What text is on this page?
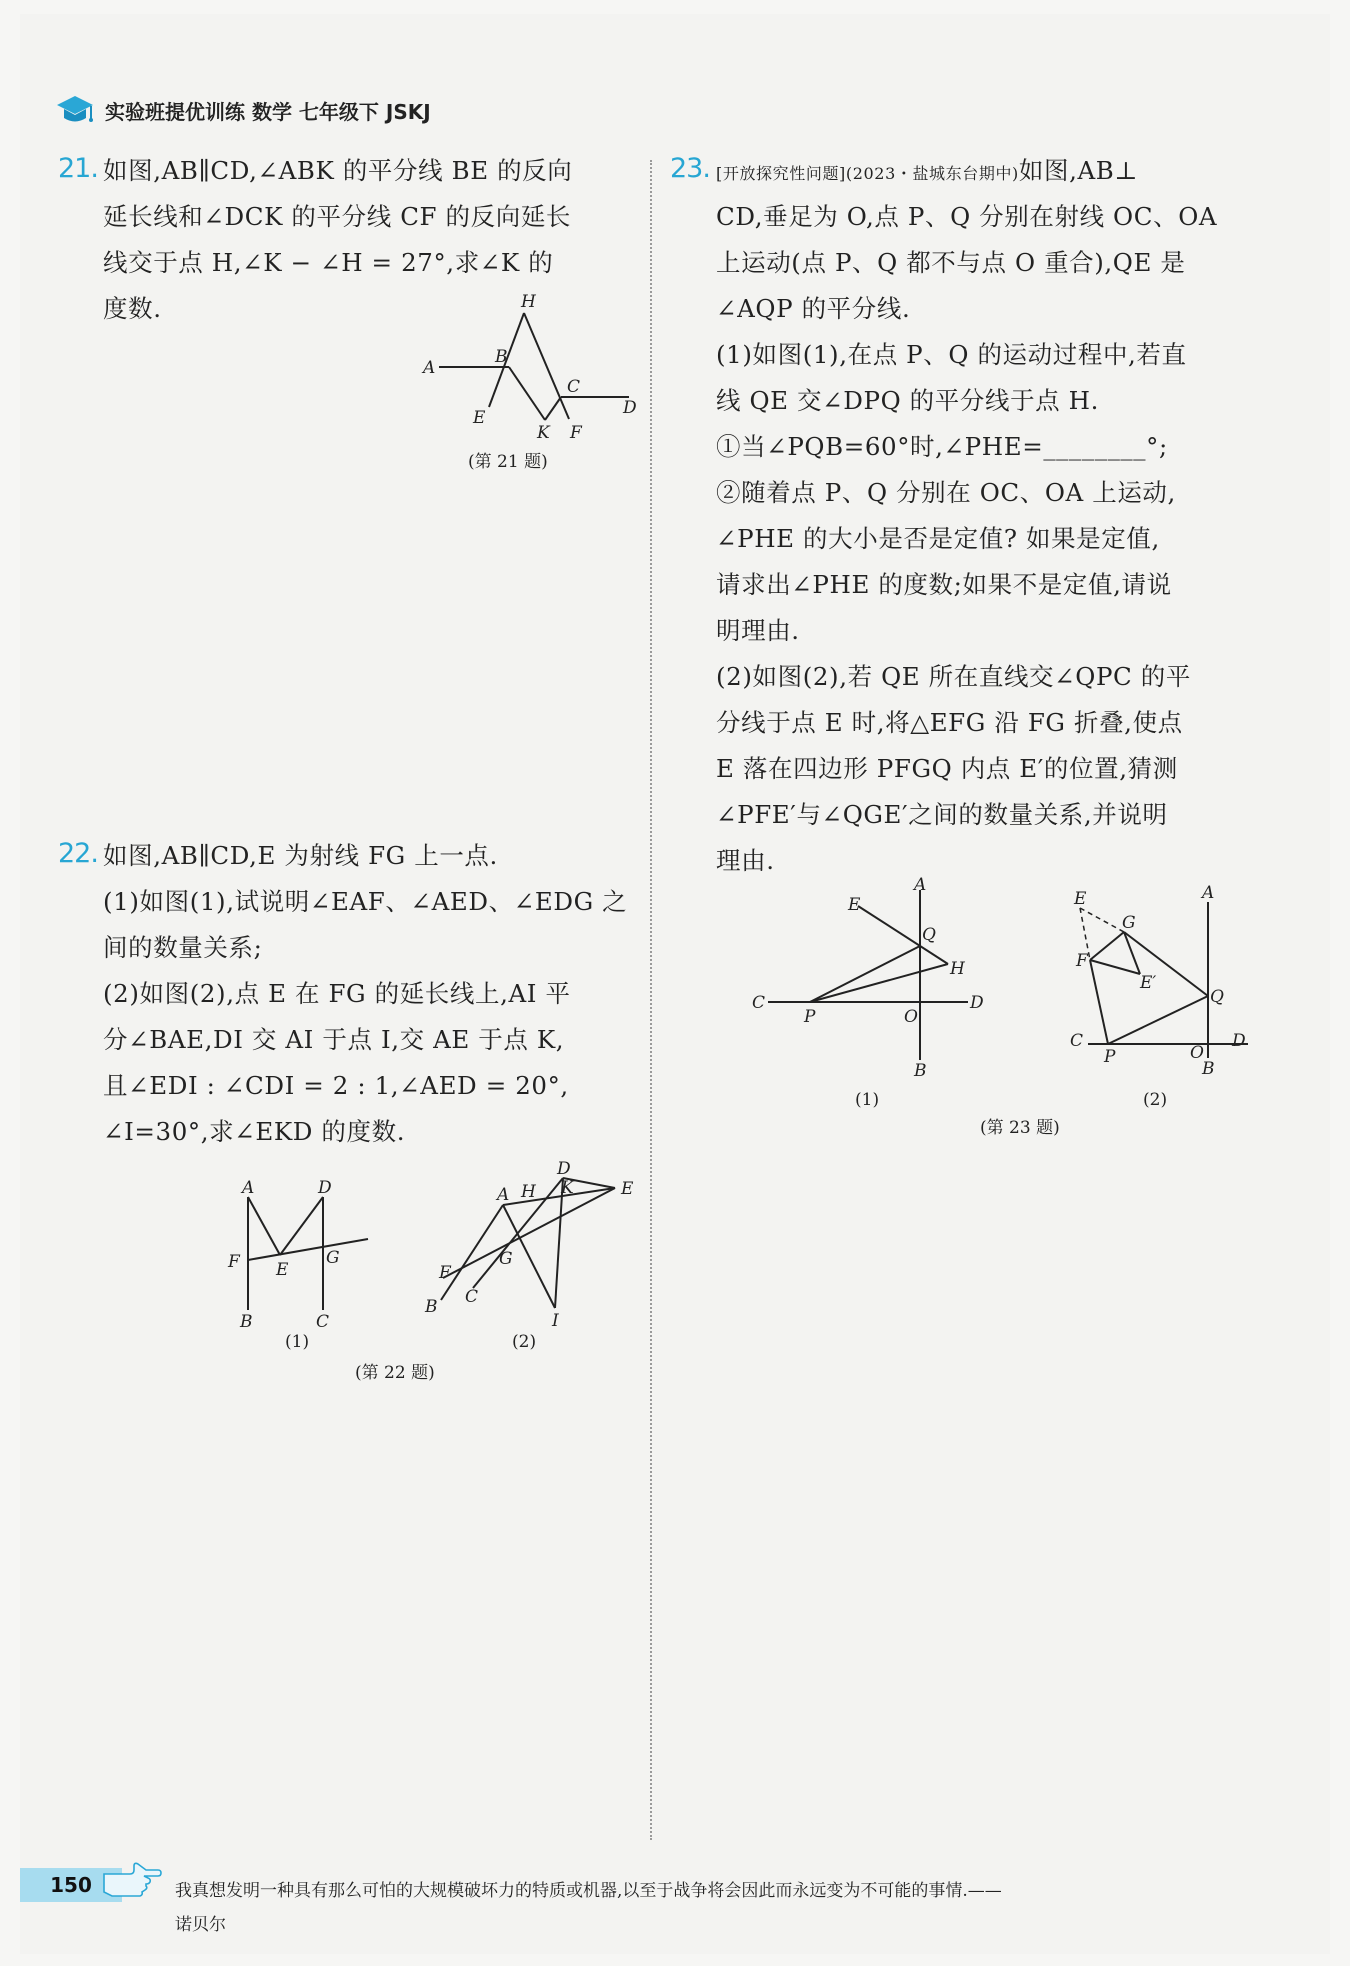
实验班提优训练 数学 七年级下 JSKJ
21. 如图,AB∥CD,∠ABK 的平分线 BE 的反向
延长线和∠DCK 的平分线 CF 的反向延长
线交于点 H,∠K − ∠H = 27°,求∠K 的
度数.	H
A
B
C
D
E
K F
(第 21 题)
22. 如图,AB∥CD,E 为射线 FG 上一点.
(1)如图(1),试说明∠EAF、∠AED、∠EDG 之
间的数量关系;
(2)如图(2),点 E 在 FG 的延长线上,AI 平
分∠BAE,DI 交 AI 于点 I,交 AE 于点 K,
且∠EDI : ∠CDI = 2 : 1,∠AED = 20°,
∠I=30°,求∠EKD 的度数.
A	D
F E
G
B	C
(1)
D
A H K	E
F
G
C
B
I
(2)
(第 22 题)
23. [开放探究性问题](2023・盐城东台期中)如图,AB⊥
CD,垂足为 O,点 P、Q 分别在射线 OC、OA
上运动(点 P、Q 都不与点 O 重合),QE 是
∠AQP 的平分线.
(1)如图(1),在点 P、Q 的运动过程中,若直
线 QE 交∠DPQ 的平分线于点 H.
①当∠PQB=60°时,∠PHE=________°;
②随着点 P、Q 分别在 OC、OA 上运动,
∠PHE 的大小是否是定值? 如果是定值,
请求出∠PHE 的度数;如果不是定值,请说
明理由.
(2)如图(2),若 QE 所在直线交∠QPC 的平
分线于点 E 时,将△EFG 沿 FG 折叠,使点
E 落在四边形 PFGQ 内点 E′的位置,猜测
∠PFE′与∠QGE′之间的数量关系,并说明
理由.
A
E
Q
H
C
P	O
D
B
(1)
E	A
G
F
E′
Q
C
P	O
D
B
(2)
(第 23 题)
150	我真想发明一种具有那么可怕的大规模破坏力的特质或机器,以至于战争将会因此而永远变为不可能的事情.——
诺贝尔
